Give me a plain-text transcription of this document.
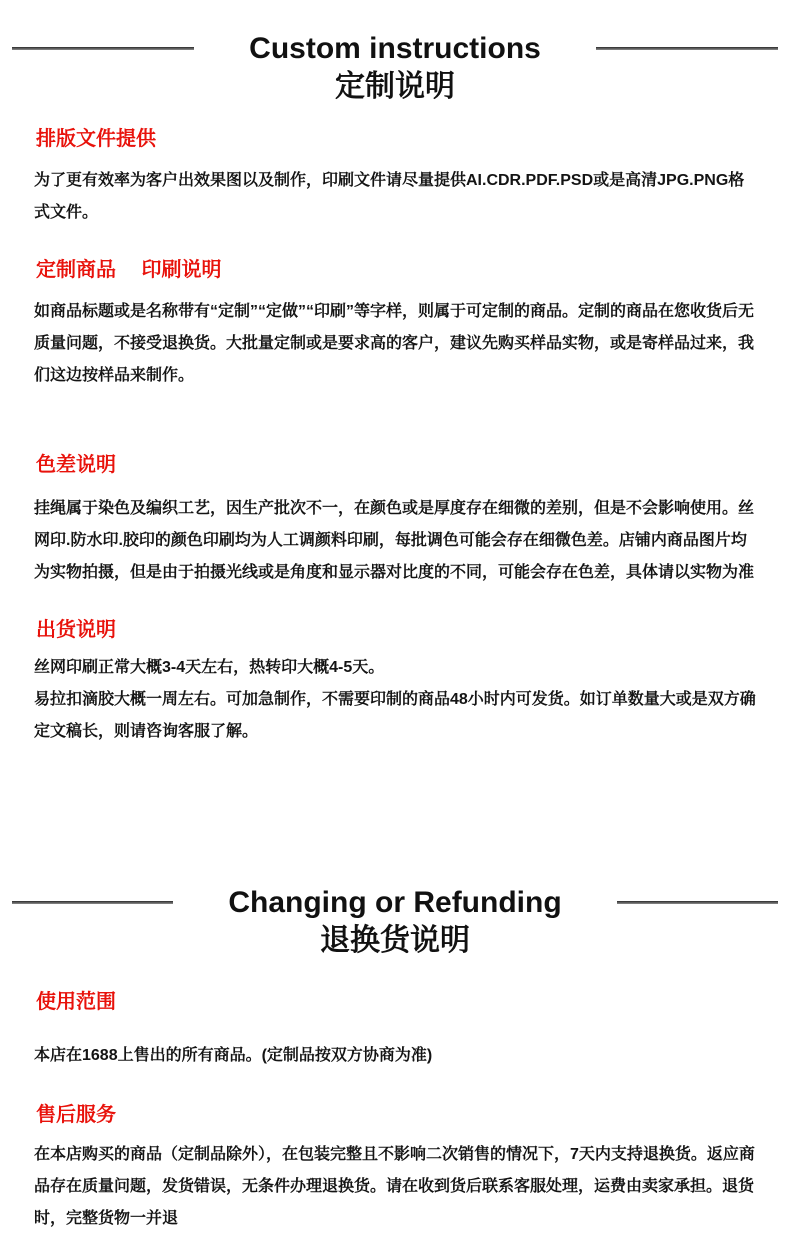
Custom instructions
定制说明
排版文件提供

为了更有效率为客户出效果图以及制作，印刷文件请尽量提供AI.CDR.PDF.PSD或是高清JPG.PNG格式文件。

定制商品　 印刷说明

如商品标题或是名称带有“定制”“定做”“印刷”等字样，则属于可定制的商品。定制的商品在您收货后无质量问题，不接受退换货。大批量定制或是要求高的客户，建议先购买样品实物，或是寄样品过来，我们这边按样品来制作。

色差说明

挂绳属于染色及编织工艺，因生产批次不一，在颜色或是厚度存在细微的差别，但是不会影响使用。丝网印.防水印.胶印的颜色印刷均为人工调颜料印刷，每批调色可能会存在细微色差。店铺内商品图片均为实物拍摄，但是由于拍摄光线或是角度和显示器对比度的不同，可能会存在色差，具体请以实物为准

出货说明

丝网印刷正常大概3-4天左右，热转印大概4-5天。

易拉扣滴胶大概一周左右。可加急制作，不需要印制的商品48小时内可发货。如订单数量大或是双方确定文稿长，则请咨询客服了解。

Changing or Refunding
退换货说明
使用范围

本店在1688上售出的所有商品。(定制品按双方协商为准)

售后服务

在本店购买的商品（定制品除外），在包装完整且不影响二次销售的情况下，7天内支持退换货。返应商品存在质量问题，发货错误，无条件办理退换货。请在收到货后联系客服处理，运费由卖家承担。退货时，完整货物一并退
